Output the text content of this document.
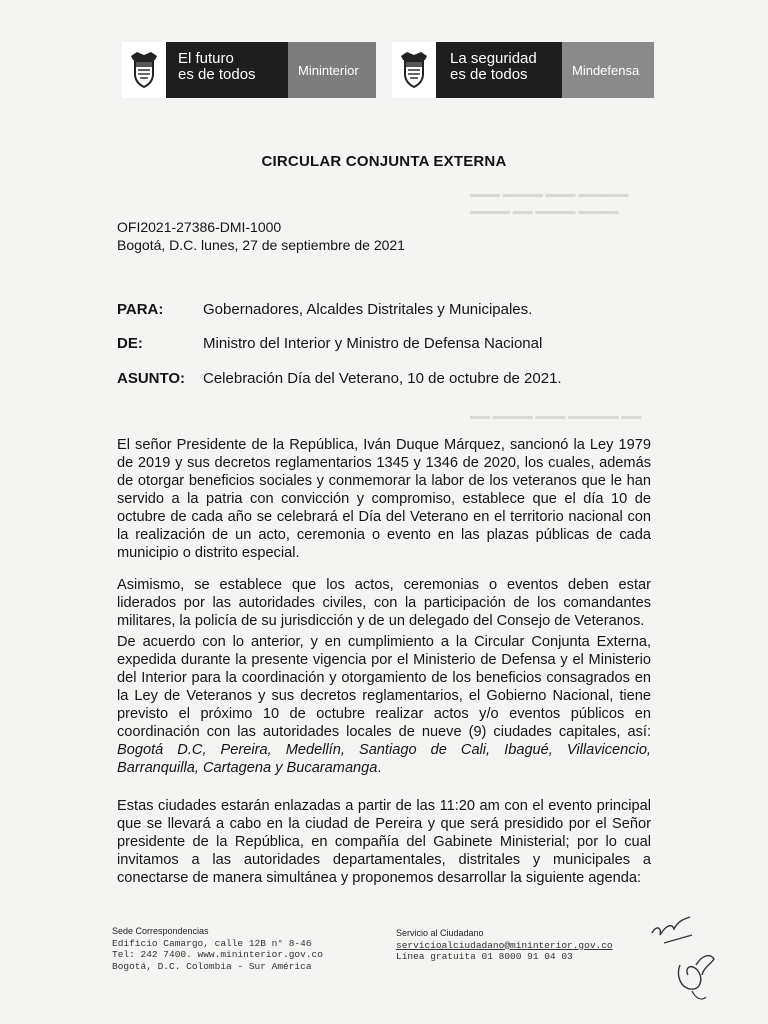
▬▬▬ ▬▬▬▬ ▬▬▬ ▬▬▬▬▬
▬▬▬▬ ▬▬ ▬▬▬▬ ▬▬▬▬
▬▬ ▬▬▬▬ ▬▬▬ ▬▬▬▬▬ ▬▬
El futuro
es de todos	Mininterior
La seguridad
es de todos	Mindefensa
CIRCULAR CONJUNTA EXTERNA
OFI2021-27386-DMI-1000
Bogotá, D.C. lunes, 27 de septiembre de 2021
PARA:	Gobernadores, Alcaldes Distritales y Municipales.
DE:	Ministro del Interior y Ministro de Defensa Nacional
ASUNTO:	Celebración Día del Veterano, 10 de octubre de 2021.

El señor Presidente de la República, Iván Duque Márquez, sancionó la Ley 1979 de 2019 y sus decretos reglamentarios 1345 y 1346 de 2020, los cuales, además de otorgar beneficios sociales y conmemorar la labor de los veteranos que le han servido a la patria con convicción y compromiso, establece que el día 10 de octubre de cada año se celebrará el Día del Veterano en el territorio nacional con la realización de un acto, ceremonia o evento en las plazas públicas de cada municipio o distrito especial.

Asimismo, se establece que los actos, ceremonias o eventos deben estar liderados por las autoridades civiles, con la participación de los comandantes militares, la policía de su jurisdicción y de un delegado del Consejo de Veteranos.

De acuerdo con lo anterior, y en cumplimiento a la Circular Conjunta Externa, expedida durante la presente vigencia por el Ministerio de Defensa y el Ministerio del Interior para la coordinación y otorgamiento de los beneficios consagrados en la Ley de Veteranos y sus decretos reglamentarios, el Gobierno Nacional, tiene previsto el próximo 10 de octubre realizar actos y/o eventos públicos en coordinación con las autoridades locales de nueve (9) ciudades capitales, así: Bogotá D.C, Pereira, Medellín, Santiago de Cali, Ibagué, Villavicencio, Barranquilla, Cartagena y Bucaramanga.

Estas ciudades estarán enlazadas a partir de las 11:20 am con el evento principal que se llevará a cabo en la ciudad de Pereira y que será presidido por el Señor presidente de la República, en compañía del Gabinete Ministerial; por lo cual invitamos a las autoridades departamentales, distritales y municipales a conectarse de manera simultánea y proponemos desarrollar la siguiente agenda:

Sede Correspondencias
Edificio Camargo, calle 12B n° 8-46
Tel: 242 7400. www.mininterior.gov.co
Bogotá, D.C. Colombia - Sur América
Servicio al Ciudadano
servicioalciudadano@mininterior.gov.co
Línea gratuita 01 8000 91 04 03
